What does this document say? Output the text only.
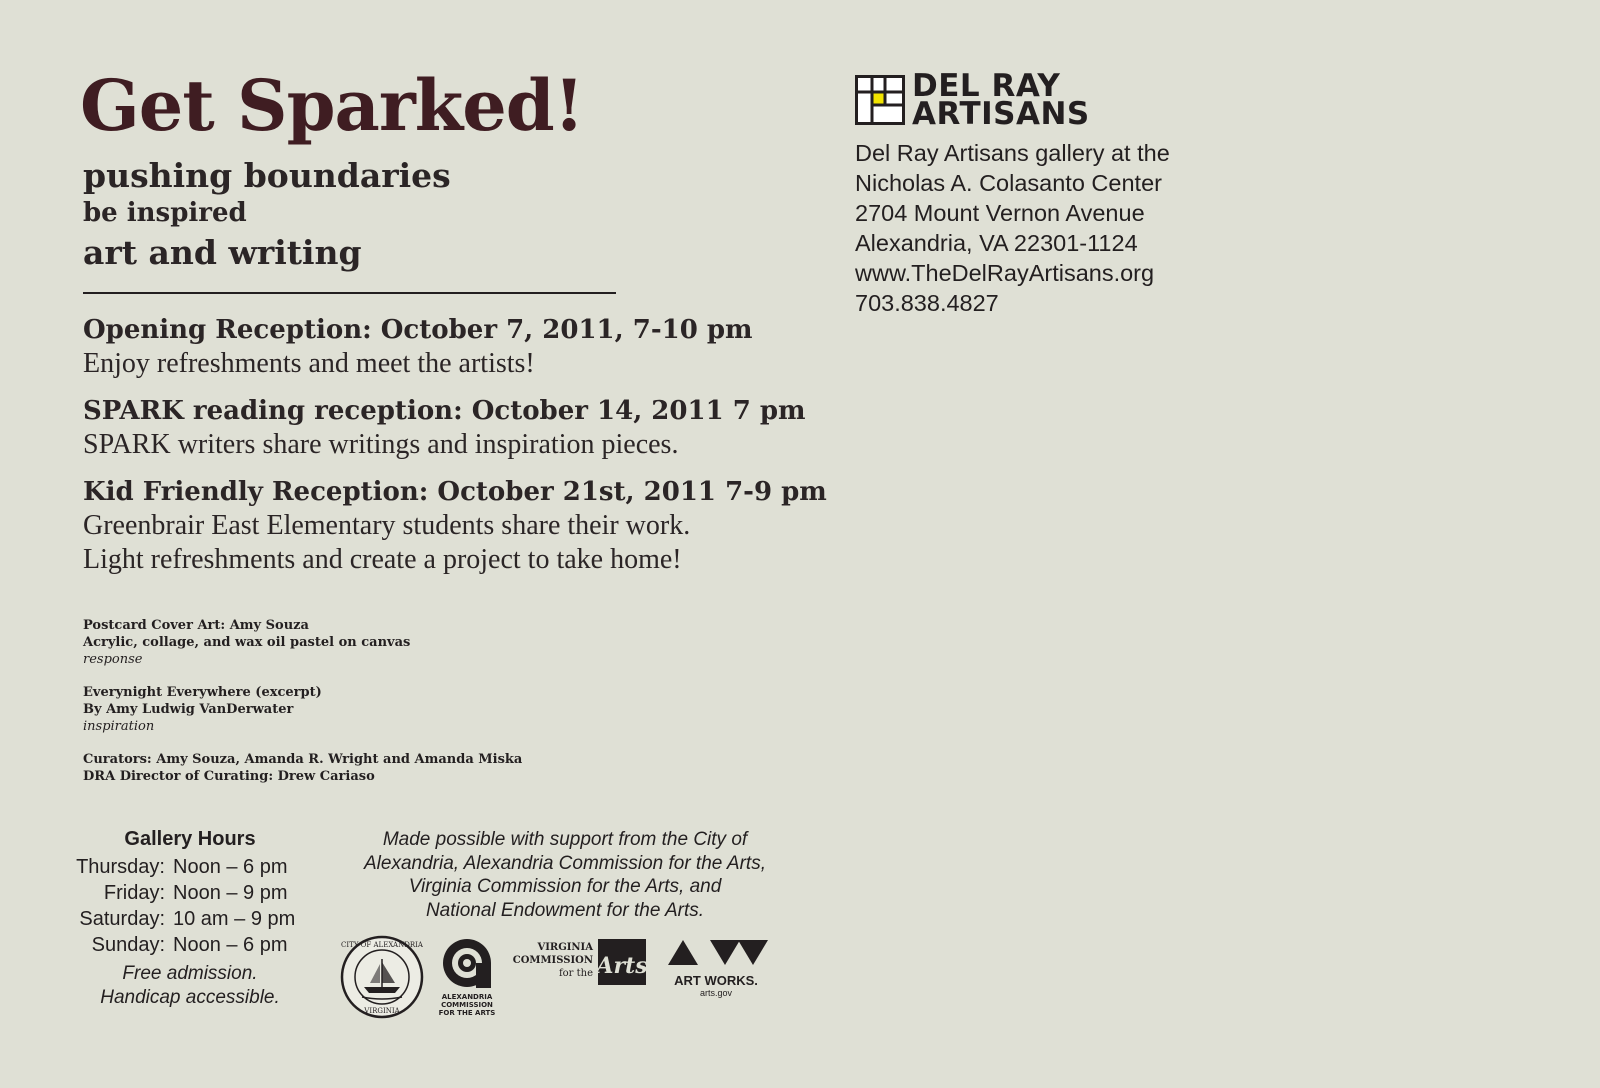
Get Sparked!
pushing boundaries
be inspired
art and writing
Opening Reception: October 7, 2011, 7-10 pm
Enjoy refreshments and meet the artists!
SPARK reading reception: October 14, 2011 7 pm
SPARK writers share writings and inspiration pieces.
Kid Friendly Reception: October 21st, 2011 7-9 pm
Greenbrair East Elementary students share their work.
Light refreshments and create a project to take home!
Postcard Cover Art: Amy Souza
Acrylic, collage, and wax oil pastel on canvas
response
Everynight Everywhere (excerpt)
By Amy Ludwig VanDerwater
inspiration
Curators: Amy Souza, Amanda R. Wright and Amanda Miska
DRA Director of Curating: Drew Cariaso
Gallery Hours
Thursday: Noon – 6 pm
Friday: Noon – 9 pm
Saturday: 10 am – 9 pm
Sunday: Noon – 6 pm
Free admission.
Handicap accessible.
Made possible with support from the City of
Alexandria, Alexandria Commission for the Arts,
Virginia Commission for the Arts, and
National Endowment for the Arts.
CITY OF ALEXANDRIA
VIRGINIA
ALEXANDRIA
COMMISSION
FOR THE ARTS
VIRGINIA
COMMISSION
for the Arts
ART WORKS.
arts.gov
DEL RAY
ARTISANS
Del Ray Artisans gallery at the
Nicholas A. Colasanto Center
2704 Mount Vernon Avenue
Alexandria, VA 22301-1124
www.TheDelRayArtisans.org
703.838.4827
